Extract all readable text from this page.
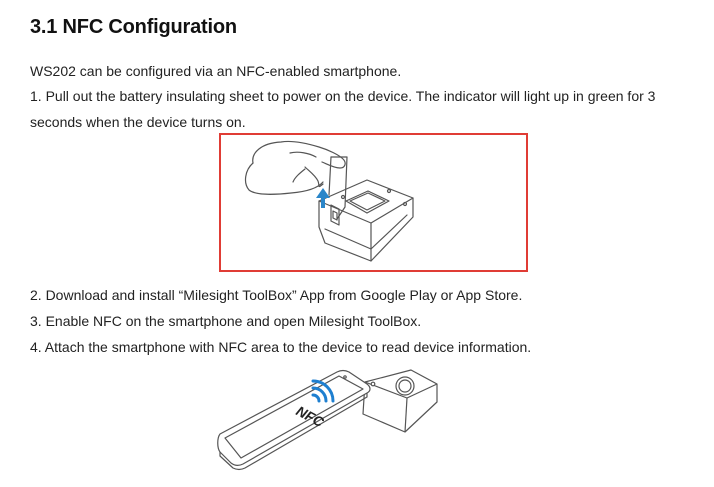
3.1 NFC Configuration

WS202 can be configured via an NFC-enabled smartphone.

1. Pull out the battery insulating sheet to power on the device. The indicator will light up in green for 3 seconds when the device turns on.

2. Download and install “Milesight ToolBox” App from Google Play or App Store.

3. Enable NFC on the smartphone and open Milesight ToolBox.

4. Attach the smartphone with NFC area to the device to read device information.

NFC
